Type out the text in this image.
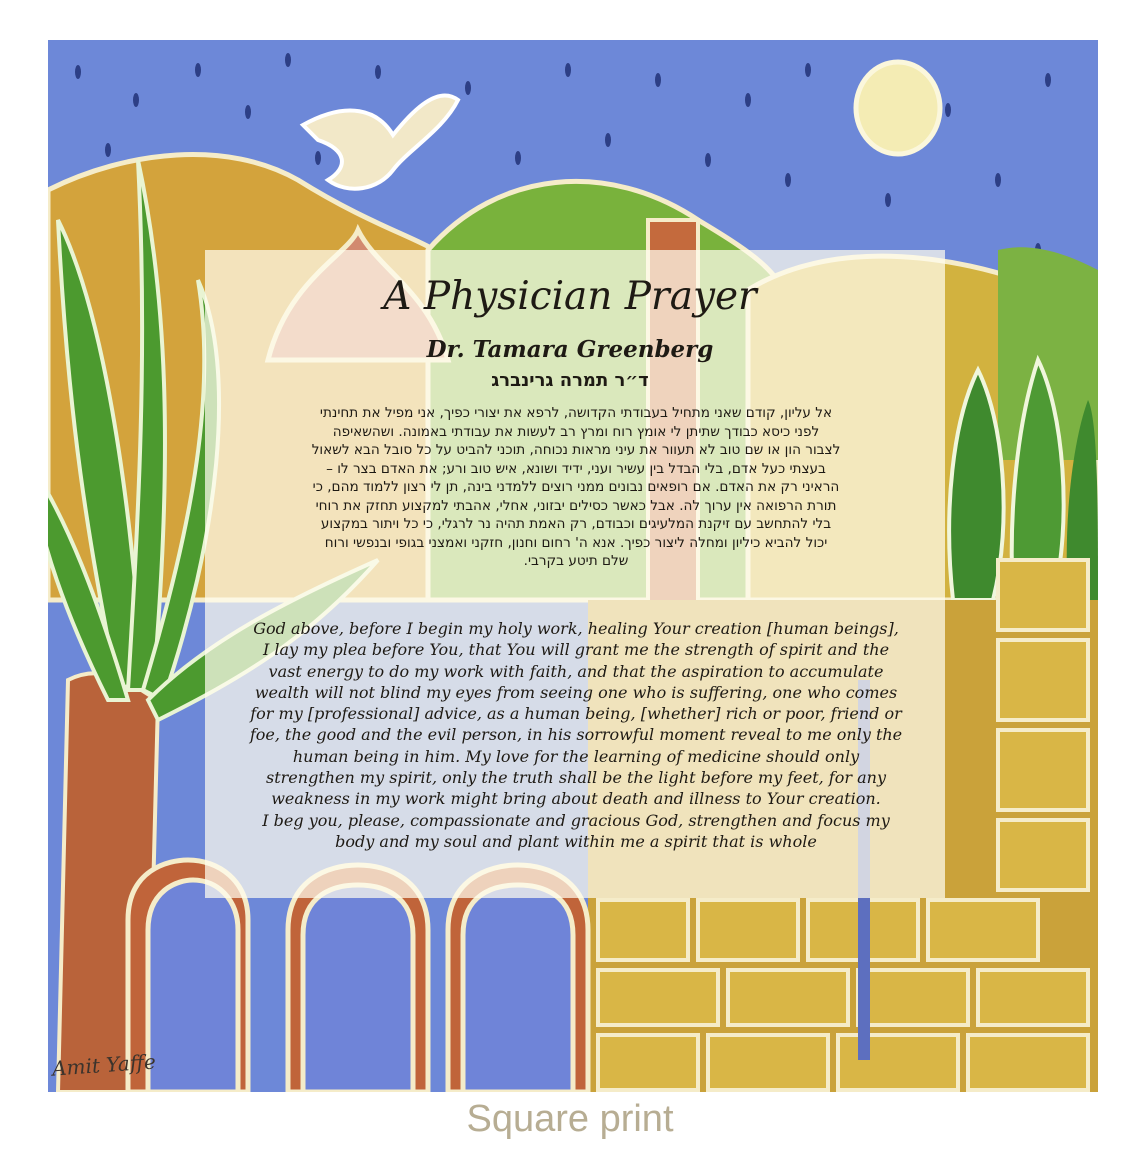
A Physician Prayer
Dr. Tamara Greenberg
ד״ר תמרה גרינברג
אל עליון, קודם שאני מתחיל בעבודתי הקדושה, לרפא את יצורי כפיך, אני מפיל את תחינתי
לפני כיסא כבודך שתיתן לי אומץ רוח ומרץ רב לעשות את עבודתי באמונה. ושהשאיפה
לצבור הון או שם טוב לא תעוור את עיני מראות נכוחה, תוכני להביט על כל סובל הבא לשאול
בעצתי כעל אדם, בלי הבדל בין עשיר ועני, ידיד ושונא, איש טוב ורע; את האדם בצר לו –
הראיני רק את האדם. אם רופאים נבונים ממני רוצים ללמדני בינה, תן לי רצון ללמוד מהם, כי
תורת הרפואה אין ערוך לה. אבל כאשר כסילים יבזוני, אחלי, אהבתי למקצוע תחזק את רוחי
בלי להתחשב עם זיקנת המלעיגים וכבודם, רק האמת תהיה נר לרגלי, כי כל ויתור במקצוע
יכול להביא כיליון ומחלה ליצור כפיך. אנא ה' רחום וחנון, חזקני ואמצני בגופי ובנפשי ורוח
שלם תיטע בקרבי.
God above, before I begin my holy work, healing Your creation [human beings],
I lay my plea before You, that You will grant me the strength of spirit and the
vast energy to do my work with faith, and that the aspiration to accumulate
wealth will not blind my eyes from seeing one who is suffering, one who comes
for my [professional] advice, as a human being, [whether] rich or poor, friend or
foe, the good and the evil person, in his sorrowful moment reveal to me only the
human being in him. My love for the learning of medicine should only
strengthen my spirit, only the truth shall be the light before my feet, for any
weakness in my work might bring about death and illness to Your creation.
I beg you, please, compassionate and gracious God, strengthen and focus my
body and my soul and plant within me a spirit that is whole
Amit Yaffe
Square print
